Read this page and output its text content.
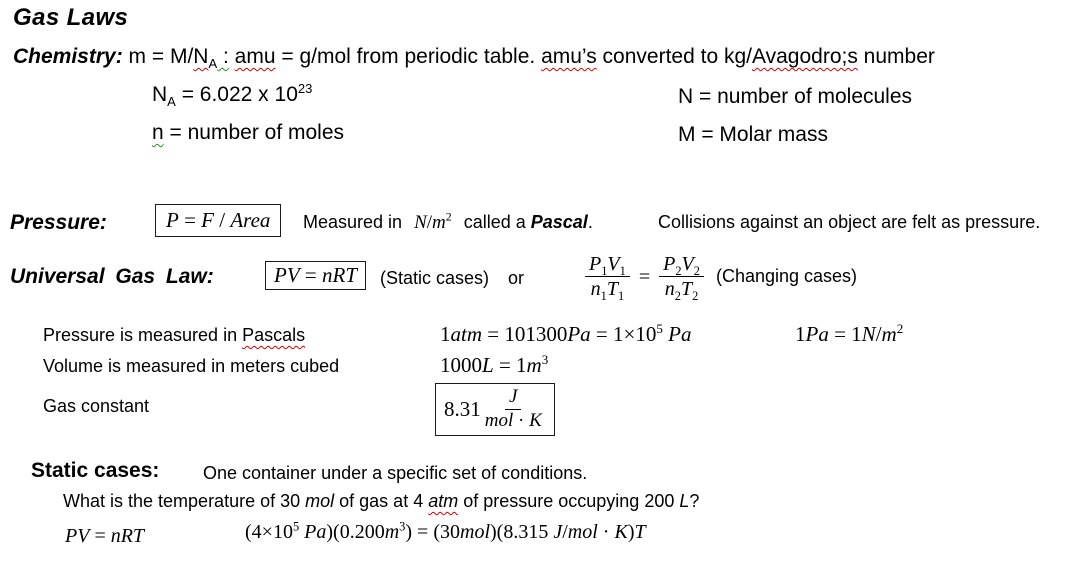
Gas Laws
Chemistry: $m = M/N_A$ : amu = g/mol from periodic table. amu’s converted to kg/Avagodro;s number
$N_A = 6.022$ x $10^{23}$	N = number of molecules
n = number of moles	M = Molar mass
Pressure:	P = F / Area	Measured in $N/m^2$ called a Pascal.	Collisions against an object are felt as pressure.
Universal Gas Law:	PV = nRT	(Static cases) or	$\frac{P_1V_1}{n_1T_1} = \frac{P_2V_2}{n_2T_2}$ (Changing cases)
Pressure is measured in Pascals	$1atm = 101300Pa = 1\times 10^5$ Pa	$1Pa = 1N/m^2$
Volume is measured in meters cubed	$1000L = 1m^3$
Gas constant	$8.31 \frac{J}{\text{mol · K}}$
Static cases: One container under a specific set of conditions.
What is the temperature of 30 mol of gas at 4 atm of pressure occupying 200 L?
PV = nRT	($4\times 10^5$ $Pa)(0.200m^3) = (30mol)(8.315$ J/mol · K)T
